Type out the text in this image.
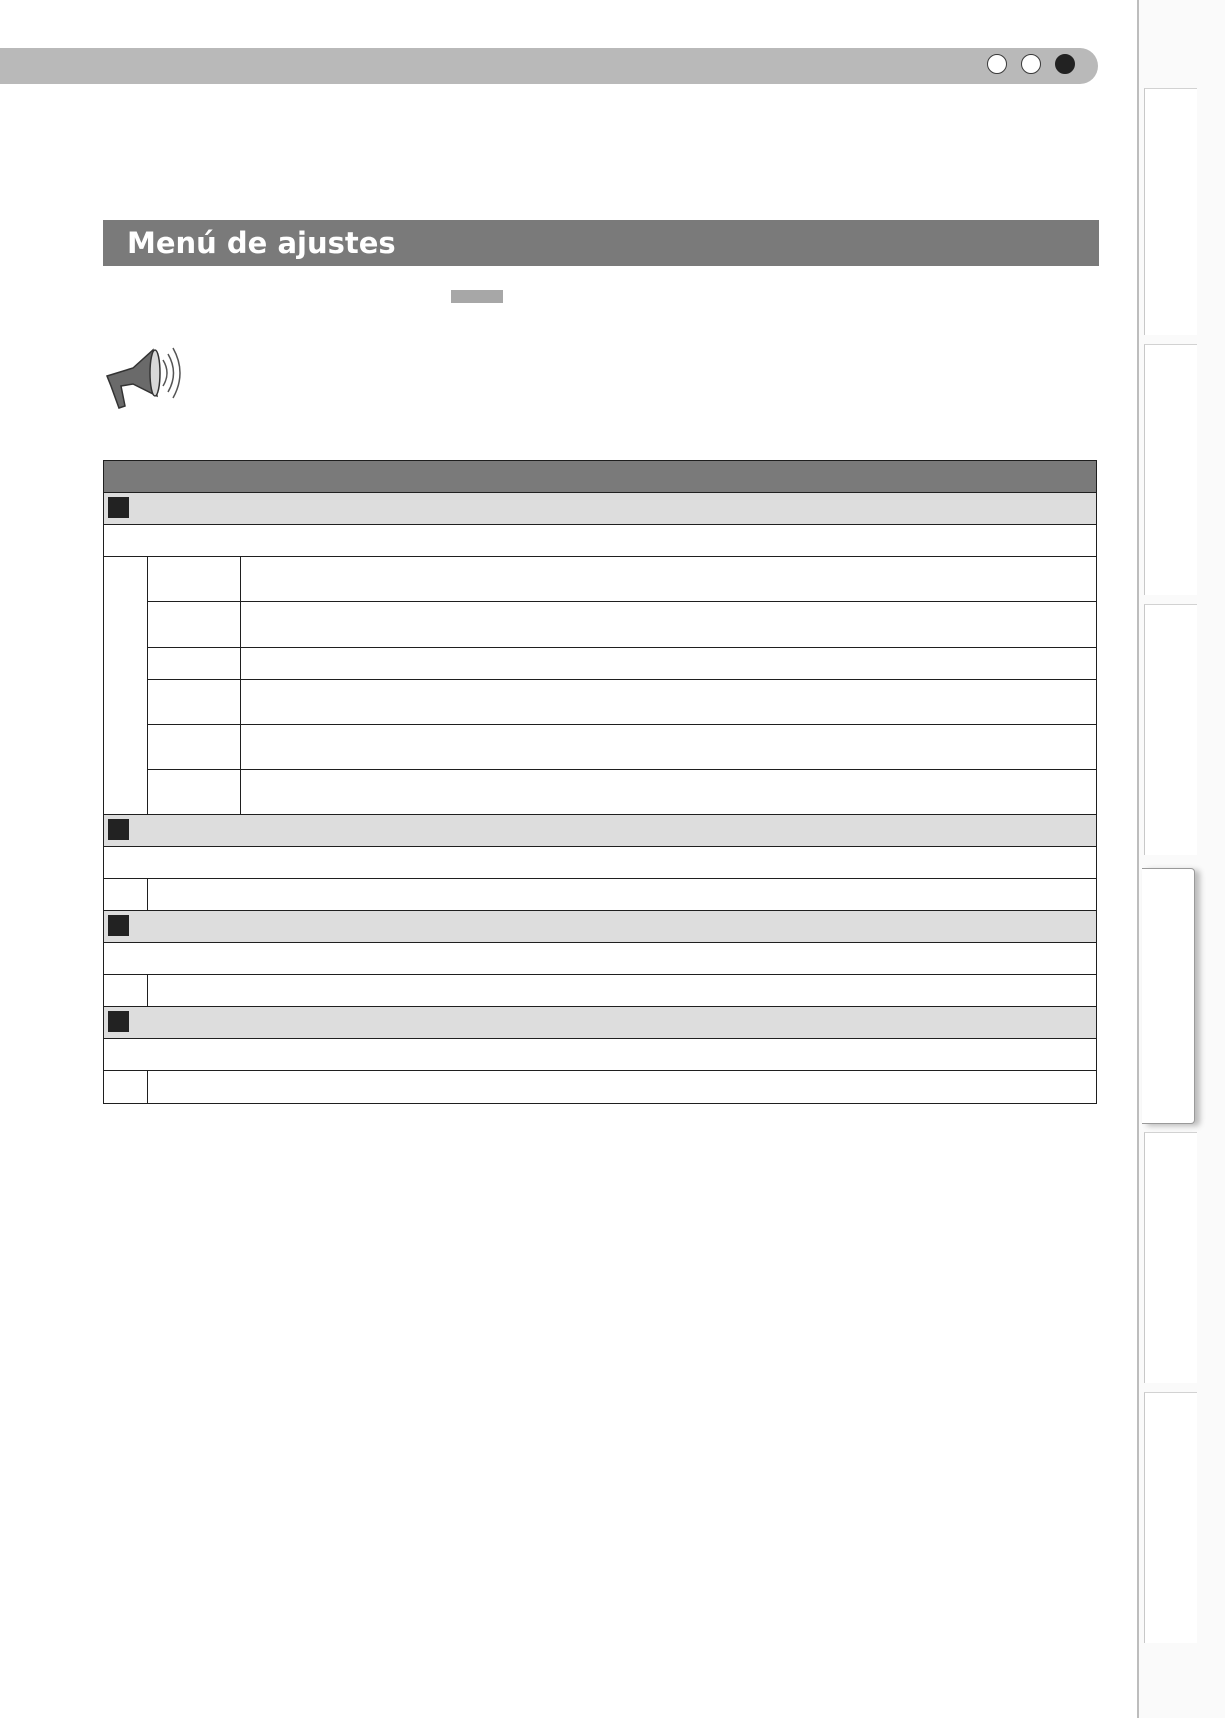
Menú de ajustes
